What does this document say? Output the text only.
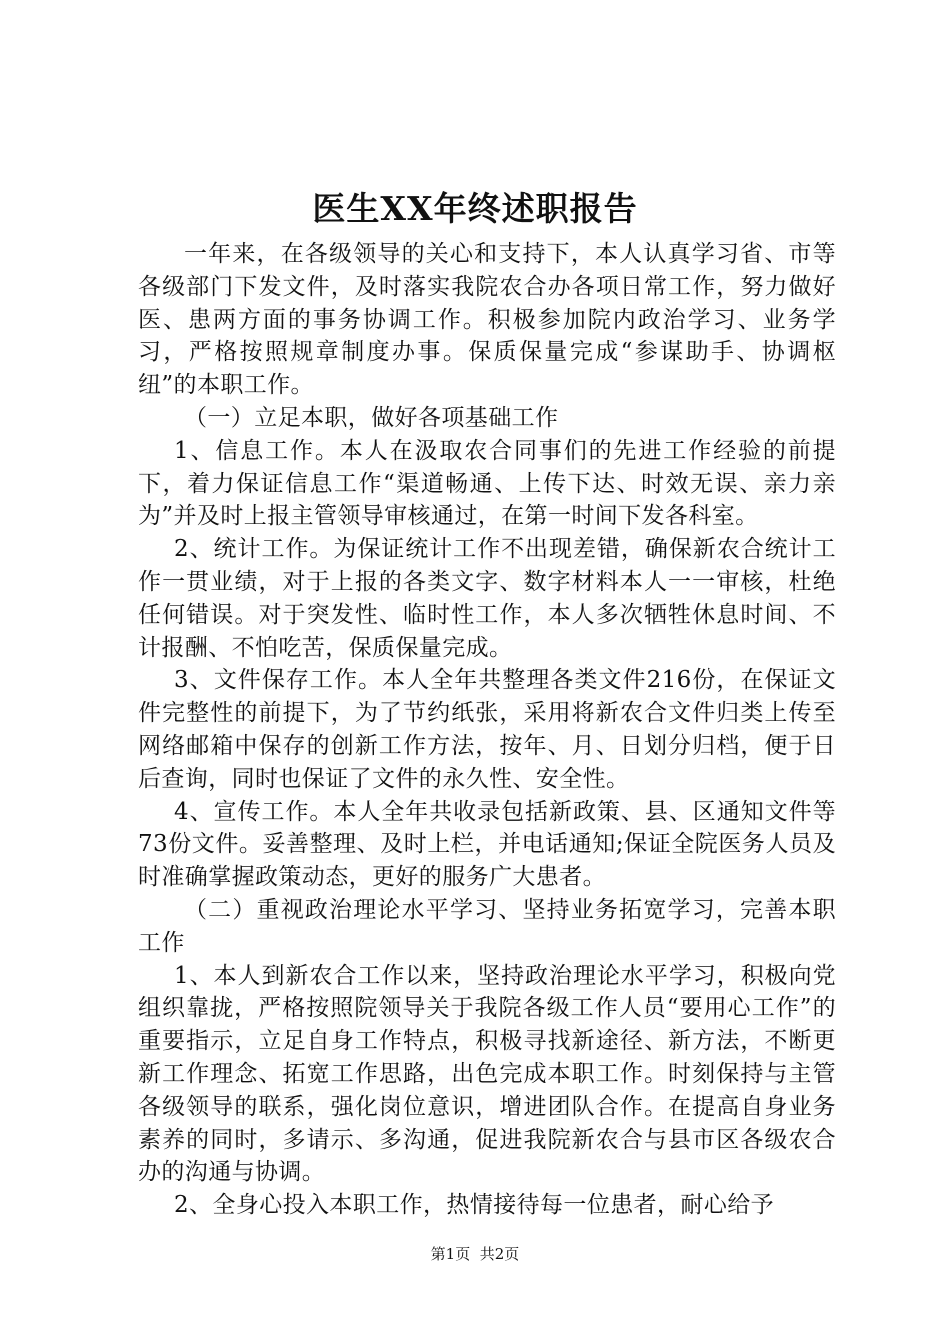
医生XX年终述职报告

一年来，在各级领导的关心和支持下，本人认真学习省、市等各级部门下发文件，及时落实我院农合办各项日常工作，努力做好医、患两方面的事务协调工作。积极参加院内政治学习、业务学习，严格按照规章制度办事。保质保量完成“参谋助手、协调枢纽”的本职工作。

（一）立足本职，做好各项基础工作

1、信息工作。本人在汲取农合同事们的先进工作经验的前提下，着力保证信息工作“渠道畅通、上传下达、时效无误、亲力亲为”并及时上报主管领导审核通过，在第一时间下发各科室。

2、统计工作。为保证统计工作不出现差错，确保新农合统计工作一贯业绩，对于上报的各类文字、数字材料本人一一审核，杜绝任何错误。对于突发性、临时性工作，本人多次牺牲休息时间、不计报酬、不怕吃苦，保质保量完成。

3、文件保存工作。本人全年共整理各类文件216份，在保证文件完整性的前提下，为了节约纸张，采用将新农合文件归类上传至网络邮箱中保存的创新工作方法，按年、月、日划分归档，便于日后查询，同时也保证了文件的永久性、安全性。

4、宣传工作。本人全年共收录包括新政策、县、区通知文件等73份文件。妥善整理、及时上栏，并电话通知;保证全院医务人员及时准确掌握政策动态，更好的服务广大患者。

（二）重视政治理论水平学习、坚持业务拓宽学习，完善本职工作

1、本人到新农合工作以来，坚持政治理论水平学习，积极向党组织靠拢，严格按照院领导关于我院各级工作人员“要用心工作”的重要指示，立足自身工作特点，积极寻找新途径、新方法，不断更新工作理念、拓宽工作思路，出色完成本职工作。时刻保持与主管各级领导的联系，强化岗位意识，增进团队合作。在提高自身业务素养的同时，多请示、多沟通，促进我院新农合与县市区各级农合办的沟通与协调。

2、全身心投入本职工作，热情接待每一位患者，耐心给予

第1页 共2页
